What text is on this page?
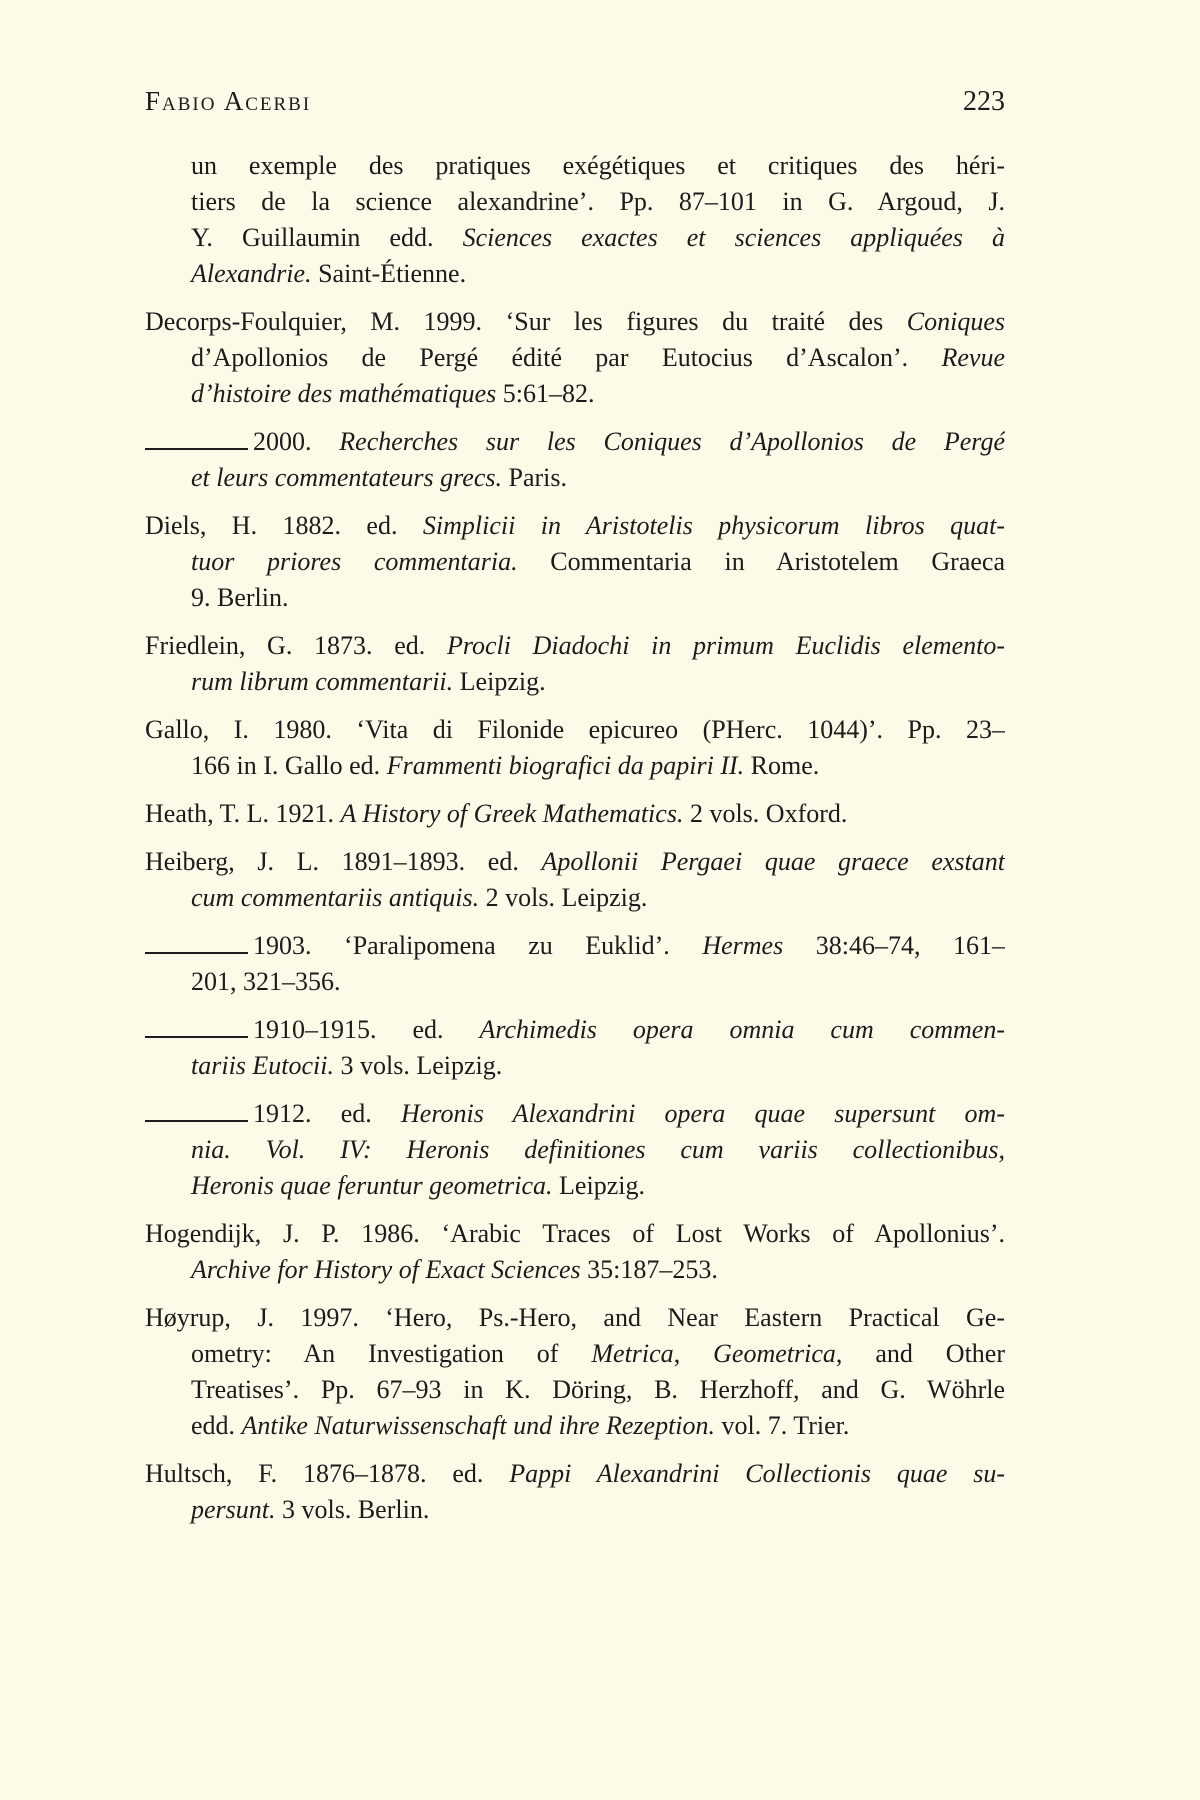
Fabio Acerbi	223
un exemple des pratiques exégétiques et critiques des héri-
tiers de la science alexandrine’. Pp. 87–101 in G. Argoud, J.
Y. Guillaumin edd. Sciences exactes et sciences appliquées à
Alexandrie. Saint-Étienne.
Decorps-Foulquier, M. 1999. ‘Sur les figures du traité des Coniques
d’Apollonios de Pergé édité par Eutocius d’Ascalon’. Revue
d’histoire des mathématiques 5:61–82.
2000. Recherches sur les Coniques d’Apollonios de Pergé
et leurs commentateurs grecs. Paris.
Diels, H. 1882. ed. Simplicii in Aristotelis physicorum libros quat-
tuor priores commentaria. Commentaria in Aristotelem Graeca
9. Berlin.
Friedlein, G. 1873. ed. Procli Diadochi in primum Euclidis elemento-
rum librum commentarii. Leipzig.
Gallo, I. 1980. ‘Vita di Filonide epicureo (PHerc. 1044)’. Pp. 23–
166 in I. Gallo ed. Frammenti biografici da papiri II. Rome.
Heath, T. L. 1921. A History of Greek Mathematics. 2 vols. Oxford.
Heiberg, J. L. 1891–1893. ed. Apollonii Pergaei quae graece exstant
cum commentariis antiquis. 2 vols. Leipzig.
1903. ‘Paralipomena zu Euklid’. Hermes 38:46–74, 161–
201, 321–356.
1910–1915. ed. Archimedis opera omnia cum commen-
tariis Eutocii. 3 vols. Leipzig.
1912. ed. Heronis Alexandrini opera quae supersunt om-
nia. Vol. IV: Heronis definitiones cum variis collectionibus,
Heronis quae feruntur geometrica. Leipzig.
Hogendijk, J. P. 1986. ‘Arabic Traces of Lost Works of Apollonius’.
Archive for History of Exact Sciences 35:187–253.
Høyrup, J. 1997. ‘Hero, Ps.-Hero, and Near Eastern Practical Ge-
ometry: An Investigation of Metrica, Geometrica, and Other
Treatises’. Pp. 67–93 in K. Döring, B. Herzhoff, and G. Wöhrle
edd. Antike Naturwissenschaft und ihre Rezeption. vol. 7. Trier.
Hultsch, F. 1876–1878. ed. Pappi Alexandrini Collectionis quae su-
persunt. 3 vols. Berlin.
